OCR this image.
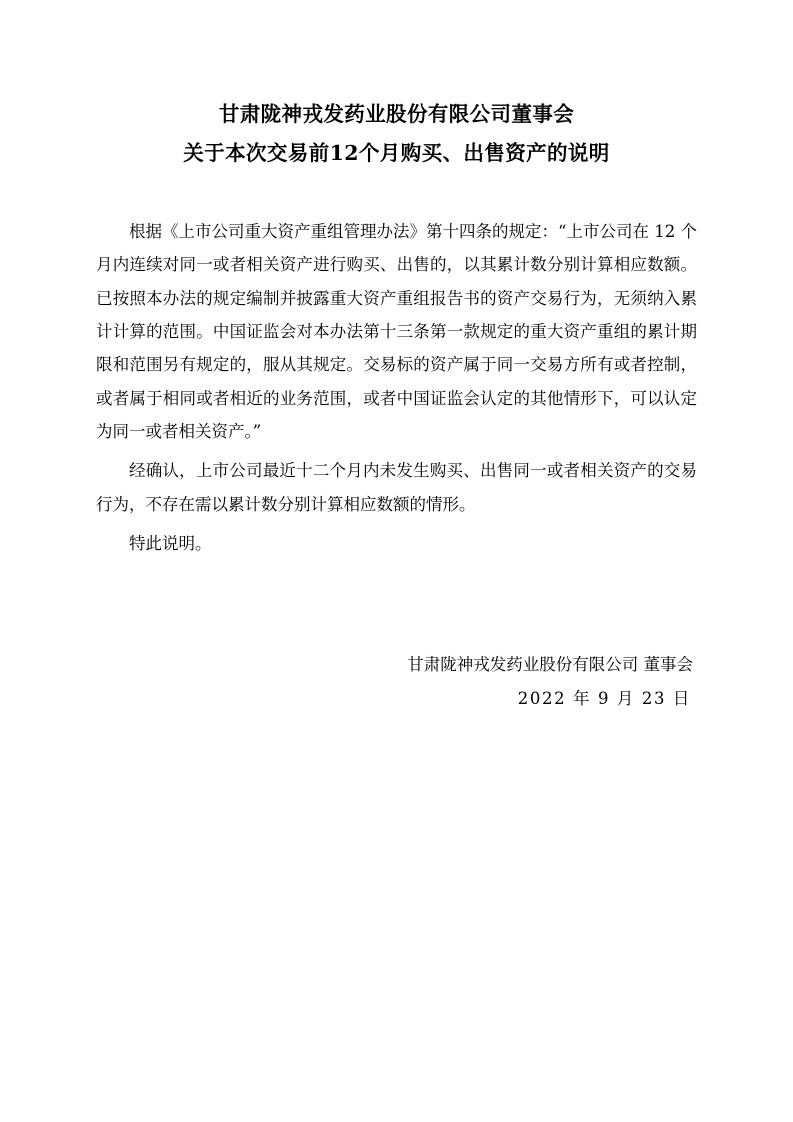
甘肃陇神戎发药业股份有限公司董事会
关于本次交易前12个月购买、出售资产的说明

根据《上市公司重大资产重组管理办法》第十四条的规定：“上市公司在 12 个月内连续对同一或者相关资产进行购买、出售的，以其累计数分别计算相应数额。已按照本办法的规定编制并披露重大资产重组报告书的资产交易行为，无须纳入累计计算的范围。中国证监会对本办法第十三条第一款规定的重大资产重组的累计期限和范围另有规定的，服从其规定。交易标的资产属于同一交易方所有或者控制，或者属于相同或者相近的业务范围，或者中国证监会认定的其他情形下，可以认定为同一或者相关资产。”

经确认，上市公司最近十二个月内未发生购买、出售同一或者相关资产的交易行为，不存在需以累计数分别计算相应数额的情形。

特此说明。

甘肃陇神戎发药业股份有限公司 董事会
2022 年 9 月 23 日
